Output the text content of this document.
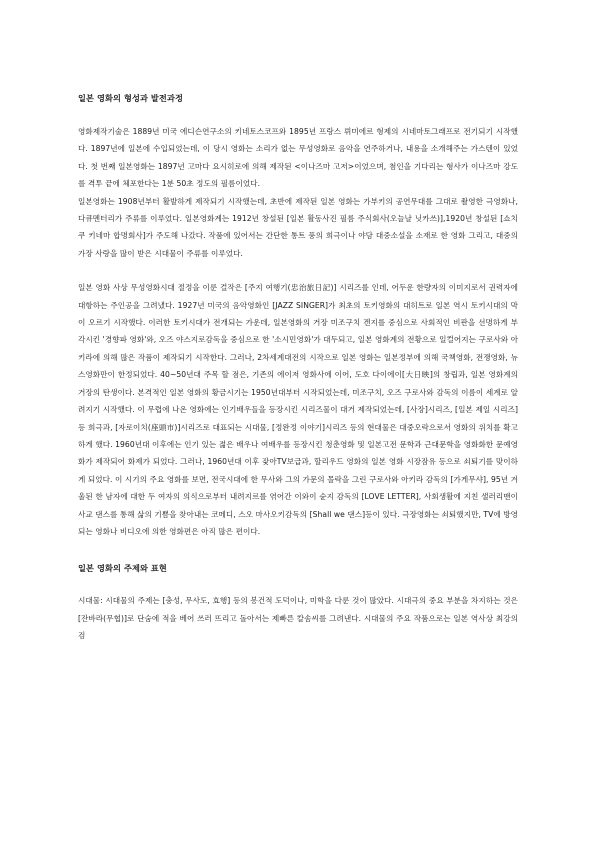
일본 영화의 형성과 발전과정

영화제작기술은 1889년 미국 에디슨연구소의 키네토스코프와 1895년 프랑스 뤼미에르 형제의 시네마토그래프로 전기되기 시작했다. 1897년에 일본에 수입되었는데, 이 당시 영화는 소리가 없는 무성영화로 음악을 연주하거나, 내용을 소개해주는 가스텐이 있었다. 첫 번째 일본영화는 1897년 고마다 요시히로에 의해 제작된 <이나즈마 고저>이었으며, 첨인을 기다리는 형사가 이나즈마 강도를 격투 끝에 체포한다는 1분 50초 정도의 필름이었다.

일본영화는 1908년부터 활발하게 제작되기 시작했는데, 초반에 제작된 일본 영화는 가부키의 공연무대를 그대로 촬영한 극영화나, 다큐멘터리가 주류를 이루었다. 일본영화계는 1912년 창설된 [일본 활동사진 필름 주식회사(오늘날 닛카쓰)],1920년 창설된 [쇼치쿠 키네마 합명회사]가 주도해 나갔다. 작품에 있어서는 간단한 통트 풍의 희극이나 야담 대중소설을 소재로 한 영화 그리고, 대중의 가장 사랑을 많이 받은 시대물이 주류를 이루었다.

일본 영화 사상 무성영화시대 절정을 이룬 걸작은 [주지 여행기(忠治旅日記)] 시리즈를 인데, 어두운 한량자의 이미지로서 권력자에 대항하는 주인공을 그려냈다. 1927년 미국의 음악영화인 [JAZZ SINGER]가 최초의 토키영화의 대히트로 일본 역시 토키시대의 막이 오르기 시작했다. 이러한 토키시대가 전개되는 가운데, 일본영화의 거장 미조구치 겐지를 중심으로 사회적인 비판을 선명하게 부각시킨 '경향파 영화'와, 오즈 야스지로감독을 중심으로 한 '소시민영화'가 대두되고, 일본 영화계의 전황으로 일컬어지는 구로사와 아키라에 의해 많은 작품이 제작되기 시작한다. 그러나, 2차세계대전의 시작으로 일본 영화는 일본정부에 의해 국책영화, 전쟁영화, 뉴스영화만이 한정되었다. 40~50년대 주목 할 점은, 기존의 에이저 영화사에 이어, 도호 다이에이[大日映]의 창립과, 일본 영화계의 거장의 탄생이다. 본격적인 일본 영화의 황금시기는 1950년대부터 시작되었는데, 미조구치, 오즈 구로사와 감독의 이름이 세계로 알려지기 시작했다. 이 무렵에 나온 영화에는 인기배우들을 등장시킨 시리즈물이 대거 제작되었는데, [사장]시리즈, [일본 제일 시리즈]등 희극과, [자로이치(座頭市)]시리즈로 대표되는 시대물, [정완정 이야기]시리즈 등의 현대물은 대중오락으로서 영화의 위치를 확고하게 했다. 1960년대 이후에는 인기 있는 젊은 배우나 여배우를 등장시킨 청춘영화 및 일본고전 문학과 근대문학을 영화화한 문예영화가 제작되어 화제가 되었다. 그러나, 1960년대 이후 잦아TV보급과, 할리우드 영화의 일본 영화 시장잠유 등으로 쇠퇴기를 맞이하게 되었다. 이 시기의 주요 영화를 보면, 전국시대에 한 무사와 그의 가문의 몰락을 그린 구로사와 아키라 감독의 [가게무샤], 95년 겨울된 한 남자에 대한 두 여자의 의식으로부터 내려지르를 엮어간 이와이 슌지 감독의 [LOVE LETTER], 사회생활에 지친 샐러리맨이 사교 댄스를 통해 삶의 기쁨을 찾아내는 코메디, 스오 마사오키감독의 [Shall we 댄스]등이 있다. 극장영화는 쇠퇴했지만, TV에 방영되는 영화나 비디오에 의한 영화편은 아직 많은 편이다.

일본 영화의 주제와 표현

시대물: 시대물의 주제는 [충성, 무사도, 효행] 등의 봉건적 도덕이나, 미학을 다룬 것이 많았다. 시대극의 중요 부분을 차지하는 것은 [잔바라(무협)]로 단숨에 적을 베어 쓰러 뜨리고 돌아서는 제빠른 칼솜씨를 그려낸다. 시대물의 주요 작품으로는 일본 역사상 최강의 검
